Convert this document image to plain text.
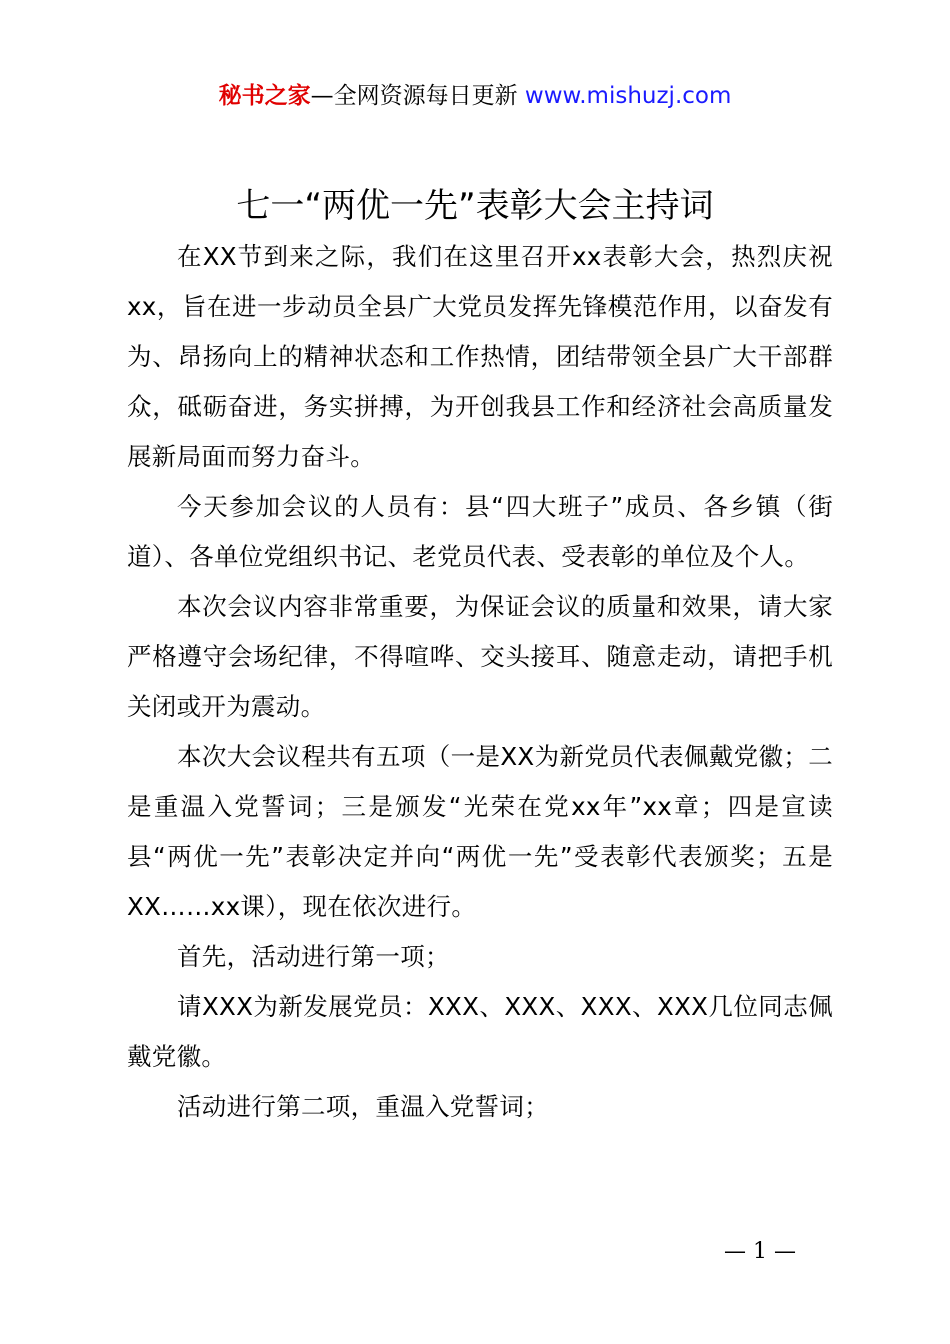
秘书之家—全网资源每日更新 www.mishuzj.com
七一“两优一先”表彰大会主持词

在XX节到来之际，我们在这里召开xx表彰大会，热烈庆祝xx，旨在进一步动员全县广大党员发挥先锋模范作用，以奋发有为、昂扬向上的精神状态和工作热情，团结带领全县广大干部群众，砥砺奋进，务实拼搏，为开创我县工作和经济社会高质量发展新局面而努力奋斗。

今天参加会议的人员有：县“四大班子”成员、各乡镇（街道）、各单位党组织书记、老党员代表、受表彰的单位及个人。

本次会议内容非常重要，为保证会议的质量和效果，请大家严格遵守会场纪律，不得喧哗、交头接耳、随意走动，请把手机关闭或开为震动。

本次大会议程共有五项（一是XX为新党员代表佩戴党徽；二是重温入党誓词；三是颁发“光荣在党xx年”xx章；四是宣读县“两优一先”表彰决定并向“两优一先”受表彰代表颁奖；五是XX……xx课），现在依次进行。

首先，活动进行第一项；

请XXX为新发展党员：XXX、XXX、XXX、XXX几位同志佩戴党徽。

活动进行第二项，重温入党誓词；

— 1 —
